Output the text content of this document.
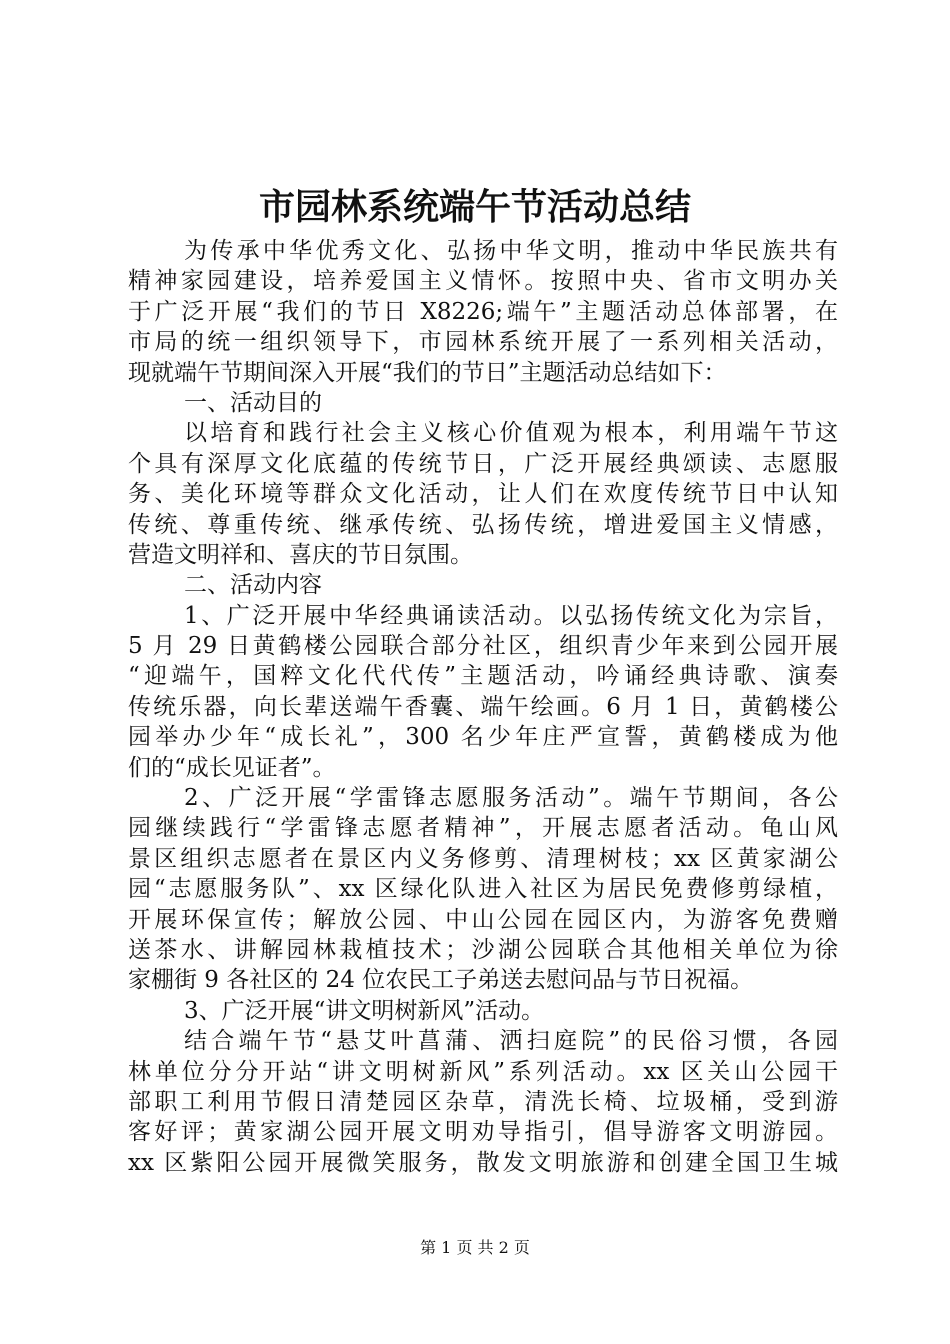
市园林系统端午节活动总结
为传承中华优秀文化、弘扬中华文明，推动中华民族共有
精神家园建设，培养爱国主义情怀。按照中央、省市文明办关
于广泛开展“我们的节日 X8226;端午”主题活动总体部署，在
市局的统一组织领导下，市园林系统开展了一系列相关活动，
现就端午节期间深入开展“我们的节日”主题活动总结如下：
一、活动目的
以培育和践行社会主义核心价值观为根本，利用端午节这
个具有深厚文化底蕴的传统节日，广泛开展经典颂读、志愿服
务、美化环境等群众文化活动，让人们在欢度传统节日中认知
传统、尊重传统、继承传统、弘扬传统，增进爱国主义情感，
营造文明祥和、喜庆的节日氛围。
二、活动内容
1、广泛开展中华经典诵读活动。以弘扬传统文化为宗旨，
5 月 29 日黄鹤楼公园联合部分社区，组织青少年来到公园开展
“迎端午，国粹文化代代传”主题活动，吟诵经典诗歌、演奏
传统乐器，向长辈送端午香囊、端午绘画。6 月 1 日，黄鹤楼公
园举办少年“成长礼”，300 名少年庄严宣誓，黄鹤楼成为他
们的“成长见证者”。
2、广泛开展“学雷锋志愿服务活动”。端午节期间，各公
园继续践行“学雷锋志愿者精神”，开展志愿者活动。龟山风
景区组织志愿者在景区内义务修剪、清理树枝；xx 区黄家湖公
园“志愿服务队”、xx 区绿化队进入社区为居民免费修剪绿植，
开展环保宣传；解放公园、中山公园在园区内，为游客免费赠
送茶水、讲解园林栽植技术；沙湖公园联合其他相关单位为徐
家棚街 9 各社区的 24 位农民工子弟送去慰问品与节日祝福。
3、广泛开展“讲文明树新风”活动。
结合端午节“悬艾叶菖蒲、洒扫庭院”的民俗习惯，各园
林单位分分开站“讲文明树新风”系列活动。xx 区关山公园干
部职工利用节假日清楚园区杂草，清洗长椅、垃圾桶，受到游
客好评；黄家湖公园开展文明劝导指引，倡导游客文明游园。
xx 区紫阳公园开展微笑服务，散发文明旅游和创建全国卫生城
第 1 页 共 2 页
